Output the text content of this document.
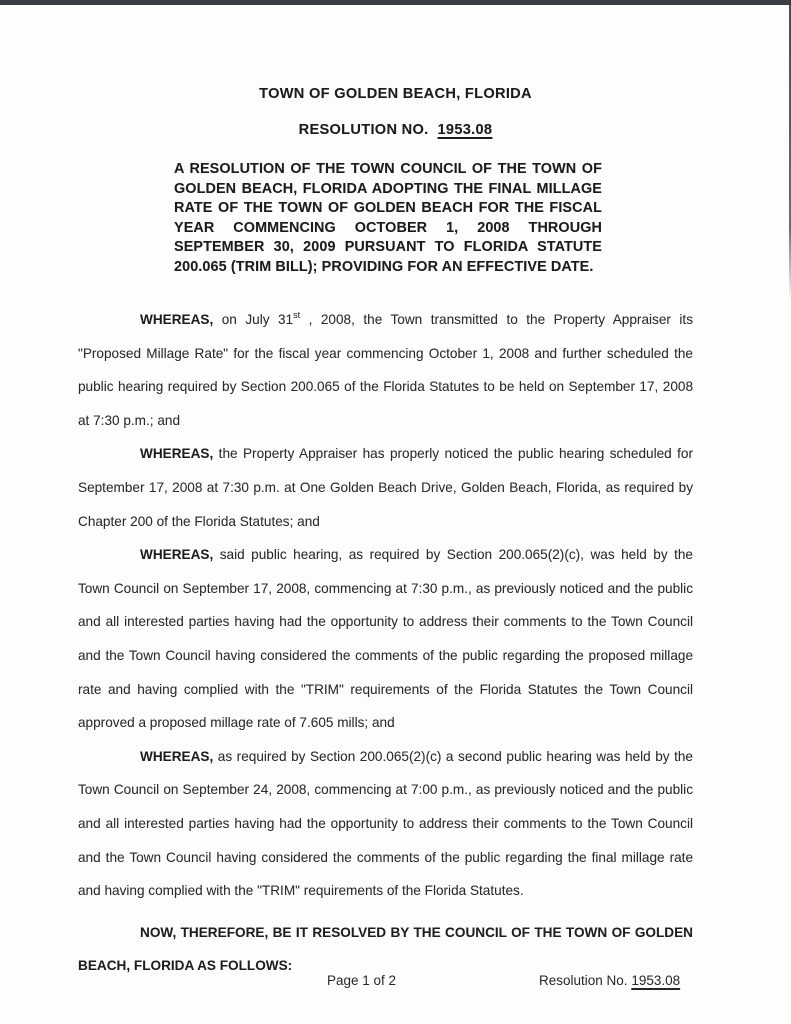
TOWN OF GOLDEN BEACH, FLORIDA
RESOLUTION NO. 1953.08
A RESOLUTION OF THE TOWN COUNCIL OF THE TOWN OF GOLDEN BEACH, FLORIDA ADOPTING THE FINAL MILLAGE RATE OF THE TOWN OF GOLDEN BEACH FOR THE FISCAL YEAR COMMENCING OCTOBER 1, 2008 THROUGH SEPTEMBER 30, 2009 PURSUANT TO FLORIDA STATUTE 200.065 (TRIM BILL); PROVIDING FOR AN EFFECTIVE DATE.

WHEREAS, on July 31st , 2008, the Town transmitted to the Property Appraiser its "Proposed Millage Rate" for the fiscal year commencing October 1, 2008 and further scheduled the public hearing required by Section 200.065 of the Florida Statutes to be held on September 17, 2008 at 7:30 p.m.; and

WHEREAS, the Property Appraiser has properly noticed the public hearing scheduled for September 17, 2008 at 7:30 p.m. at One Golden Beach Drive, Golden Beach, Florida, as required by Chapter 200 of the Florida Statutes; and

WHEREAS, said public hearing, as required by Section 200.065(2)(c), was held by the Town Council on September 17, 2008, commencing at 7:30 p.m., as previously noticed and the public and all interested parties having had the opportunity to address their comments to the Town Council and the Town Council having considered the comments of the public regarding the proposed millage rate and having complied with the "TRIM" requirements of the Florida Statutes the Town Council approved a proposed millage rate of 7.605 mills; and

WHEREAS, as required by Section 200.065(2)(c) a second public hearing was held by the Town Council on September 24, 2008, commencing at 7:00 p.m., as previously noticed and the public and all interested parties having had the opportunity to address their comments to the Town Council and the Town Council having considered the comments of the public regarding the final millage rate and having complied with the "TRIM" requirements of the Florida Statutes.

NOW, THEREFORE, BE IT RESOLVED BY THE COUNCIL OF THE TOWN OF GOLDEN BEACH, FLORIDA AS FOLLOWS:

Page 1 of 2	Resolution No. 1953.08
